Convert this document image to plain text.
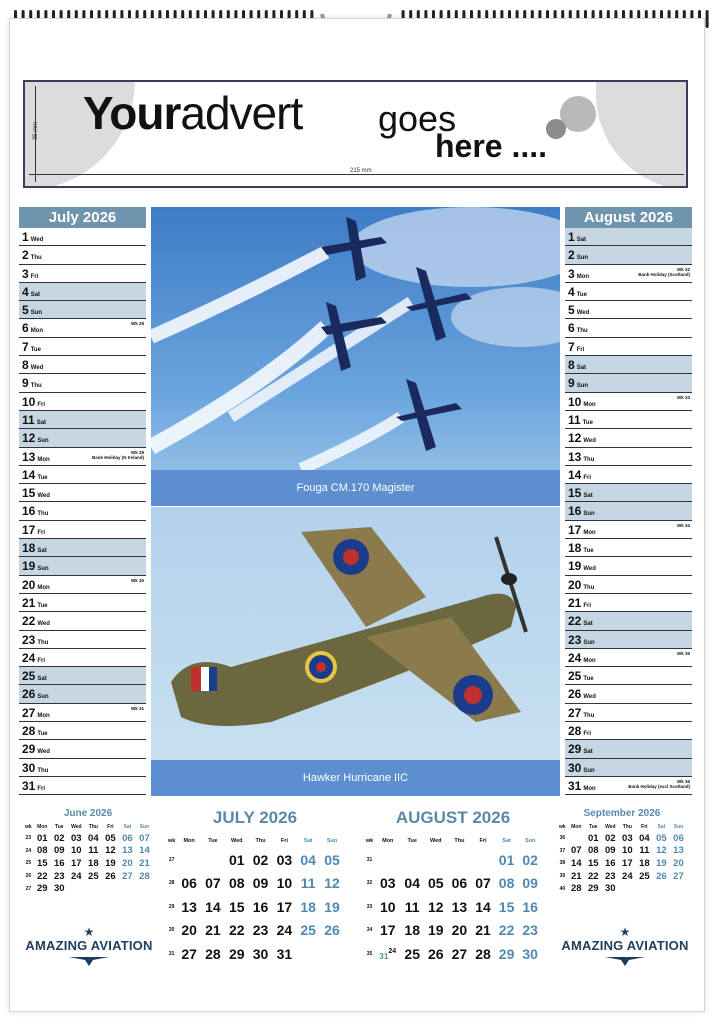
Youradvert goes
here ....
35 mm
215 mm
July 2026
1 Wed
2 Thu
3 Fri
4 Sat
5 Sun
6 Mon
Wk 28
7 Tue
8 Wed
9 Thu
10 Fri
11 Sat
12 Sun
13 Mon
Wk 29
Bank Holiday (N Ireland)
14 Tue
15 Wed
16 Thu
17 Fri
18 Sat
19 Sun
20 Mon
Wk 30
21 Tue
22 Wed
23 Thu
24 Fri
25 Sat
26 Sun
27 Mon
Wk 31
28 Tue
29 Wed
30 Thu
31 Fri
August 2026
1 Sat
2 Sun
3 Mon
Wk 32
Bank Holiday (Scotland)
4 Tue
5 Wed
6 Thu
7 Fri
8 Sat
9 Sun
10 Mon
Wk 33
11 Tue
12 Wed
13 Thu
14 Fri
15 Sat
16 Sun
17 Mon
Wk 34
18 Tue
19 Wed
20 Thu
21 Fri
22 Sat
23 Sun
24 Mon
Wk 35
25 Tue
26 Wed
27 Thu
28 Fri
29 Sat
30 Sun
31 Mon
Wk 36
Bank Holiday (excl Scotland)
Fouga CM.170 Magister
Hawker Hurricane IIC
June 2026
wk	Mon	Tue	Wed	Thu	Fri	Sat	Sun
23	01	02	03	04	05	06	07
24	08	09	10	11	12	13	14
25	15	16	17	18	19	20	21
26	22	23	24	25	26	27	28
27	29	30					
September 2026
wk	Mon	Tue	Wed	Thu	Fri	Sat	Sun
36		01	02	03	04	05	06
37	07	08	09	10	11	12	13
38	14	15	16	17	18	19	20
39	21	22	23	24	25	26	27
40	28	29	30				
JULY 2026
wk	Mon	Tue	Wed	Thu	Fri	Sat	Sun
27			01	02	03	04	05
28	06	07	08	09	10	11	12
29	13	14	15	16	17	18	19
30	20	21	22	23	24	25	26
31	27	28	29	30	31		
AUGUST 2026
wk	Mon	Tue	Wed	Thu	Fri	Sat	Sun
31						01	02
32	03	04	05	06	07	08	09
33	10	11	12	13	14	15	16
34	17	18	19	20	21	22	23
35	$31^{24}$	25	26	27	28	29	30
★
AMAZING AVIATION
★
AMAZING AVIATION
